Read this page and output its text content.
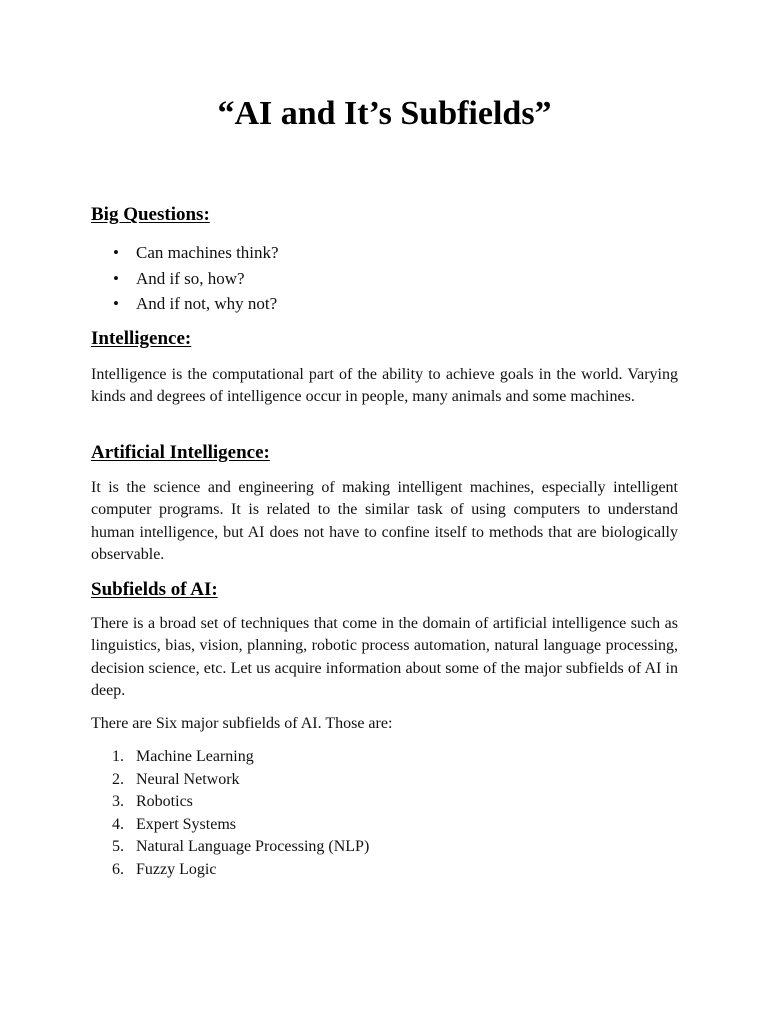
“AI and It’s Subfields”
Big Questions:
• Can machines think?
• And if so, how?
• And if not, why not?
Intelligence:

Intelligence is the computational part of the ability to achieve goals in the world. Varying kinds and degrees of intelligence occur in people, many animals and some machines.

Artificial Intelligence:

It is the science and engineering of making intelligent machines, especially intelligent computer programs. It is related to the similar task of using computers to understand human intelligence, but AI does not have to confine itself to methods that are biologically observable.

Subfields of AI:

There is a broad set of techniques that come in the domain of artificial intelligence such as linguistics, bias, vision, planning, robotic process automation, natural language processing, decision science, etc. Let us acquire information about some of the major subfields of AI in deep.

There are Six major subfields of AI. Those are:

1. Machine Learning
2. Neural Network
3. Robotics
4. Expert Systems
5. Natural Language Processing (NLP)
6. Fuzzy Logic
